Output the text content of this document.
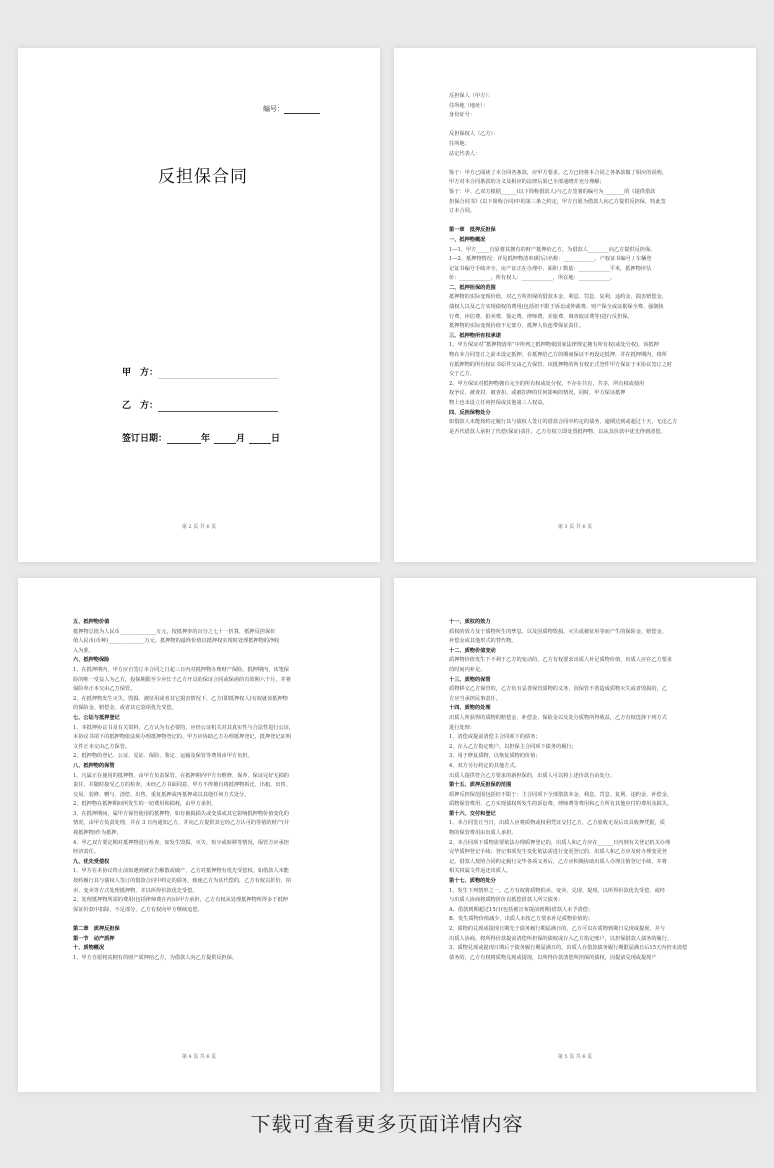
编号：
反担保合同
甲　方：
乙　方：
签订日期：	年	月	日
第 2 页 共 6 页

反担保人（甲方）：

住所地（地址）：

身份证号：

反担保权人（乙方）：

住所地：

法定代表人：

鉴于：甲方已阅读了本合同各条款，应甲方要求，乙方已经将本合同之各条款做了相应的说明，

甲方对本合同条款的含义及相应的法律后果已全部通晓并充分理解；

鉴于：甲、乙双方根据______(以下简称借款人)与乙方签署的编号为________的《提供借款

担保合同书》(以下简称合同)中的第三条之约定，甲方自愿为借款人向乙方提供反担保，特此签

订本合同。

第一章　抵押反担保

一、抵押物概况

1—1、甲方_____自原将其拥有的财产抵押给乙方，为借款人________向乙方提供反担保。

1—2、抵押物情况：详见抵押物清单(附后)名称：____________，产权证书编号 / 车辆登

记证书编号手续齐全，房产证正在办理中，面积 / 数量：____________平米，抵押物评估

价：____________，所有权人：____________，所在地：____________。

二、抵押担保的范围

抵押物的实际变现价值，对乙方所担保的借款本金、利息、罚息、复利、违约金、损害赔偿金，

债权人以及乙方实现债权的费用(包括但不限于诉讼或仲裁费、财产保全或证据保全费、强制执

行费、评估费、拍卖费、鉴定费、律师费、差旅费、调查取证费等)进行反担保。

抵押物的实际变现价值不足部分，抵押人负连带保证责任。

三、抵押物所有权承诺

1、甲方保证对“抵押物清单”中所列之抵押物依国家法律规定拥有所有权(或处分权)，该抵押

物在本合同签订之前未设定抵押，在抵押给乙方的期间保证不再设定抵押，并在抵押期内，将所

有抵押物的所有权证书原件交由乙方保管，该抵押物的所有权正式登件甲方保证于本协议签订之时

交于乙方。

2、甲方保证对抵押物拥有完全的所有权或处分权，不存在共有、共享，所有权或使用

权争议、被查封、被查扣、或被扣押的任何影响的情况，同时，甲方保证抵押

物上也未设立任何担保或其他第三人权益。

四、反担保物处分

如借款人未能按约定履行其与债权人签订的借款合同中约定的债务，逾期达到或超过十天，无论乙方

是否代借款人承担了代偿(保证)责任，乙方有权立即处置抵押物，以从其价款中优先得到清偿。

第 3 页 共 6 页

五、抵押物价值

抵押物总值为人民币______________万元，按抵押率的百分之七十一折算，抵押反担保价

值人民币(币种)______________万元。抵押物的最终价值以抵押权实现时处理抵押物的净收

入为准。

六、抵押物保险

1、在抵押期内，甲方应自签订本合同之日起三日内对抵押物办理财产保险。抵押期内，该笔保

险的唯一受益人为乙方，投保期限至少应长于乙方开具的保证合同或保函的有效期六个月，并将

保险单正本交由乙方保管。

2、在抵押物发生灭失、毁损、被征用或者其它损害情况下，乙方(即抵押权人)有权就该抵押物

的保险金、赔偿金、或者其它款项优先受偿。

七、公证与抵押登记

1、本抵押协议书及有关资料，乙方认为有必要的，应经公证机关对其真实性与合法性进行公证，

本协议书项下的抵押物依法须办理抵押物登记的，甲方应协助乙方办理抵押登记，抵押登记证明

文件正本交由乙方保管。

2、抵押物的登记、公证、见证、保险、鉴定、运输及保管等费用由甲方负担。

八、抵押物的保管

1、凡属正在使用的抵押物，由甲方负责保管。在抵押期内甲方有维修、保养、保证完好无损的

责任，并随时接受乙方的检查，未经乙方书面同意，甲方不得擅自将抵押物拆迁、出租、出售、

交易、装修、赠与、清偿、出售、重复抵押或再抵押或以其他任何方式处分。

2、抵押物在抵押期间所发生的一切费用和损耗，由甲方承担。

3、在抵押期间，属甲方保管使用的抵押物，如有被损损失或变质或其它影响抵押物价值变化的

情况，由甲方负责处理，并在 3 日内通知乙方，并向乙方提供其它经乙方认可的等值的财产(并

视抵押物)作为抵押。

4、甲乙双方要定期对抵押物进行检查，如发生毁损、灭失、短少或转移等情况，保管方应承担

经济责任。

九、优先受偿权

1、甲方在本协议终止前如遇到被宣告解散或破产，乙方对抵押物有优先受偿权。如借款人未能

按约履行其与债权人签订的借款合同中约定的债务，致使乙方为其代偿的，乙方有权以折价、拍

卖、变卖等方式处理抵押物，并以所得价款优先受偿。

2、处理抵押物所需的费用(包括律师费在内)由甲方承担，乙方有权从处理抵押物所得多于抵押

保证价款中扣除，不足部分，乙方有权向甲方继续追偿。

第二章　质押反担保

第一节　动产质押

十、质物概况

1、甲方自愿将其拥有的财产质押给乙方，为借款人向乙方提供反担保。

第 4 页 共 6 页

十一、质权的效力

质权的效力及于质物所生的孳息，以及因质物毁损、灭失或被征用等而产生的保险金、赔偿金、

补偿金或其他形式的替代物。

十二、质物价值变动

质押物价值发生下不利于乙方的变动的，乙方有权要求出质人补足质物价值，出质人应在乙方要求

的时间内补足。

十三、质物的保管

质物移交乙方保管的，乙方负有妥善保管质物的义务，因保管不善造成质物灭失或者毁损的，乙

方应当承担民事责任。

十四、质物的处理

出质人所获得的质物的赔偿金、补偿金、保险金以及处分质物所得收益，乙方有权选择下列方式

进行处理：

1、清偿或提前清偿主合同项下的债务；

2、存入乙方指定账户，以担保主合同项下债务的履行；

3、用于修复质物，以恢复质物的价值；

4、双方另行约定的其他方式。

出质人提供符合乙方要求的新担保的，出质人可以将上述价款自由处分。

第十五、质押反担保的范围

质押反担保范围包括但不限于：主合同项下全部借款本金、利息、罚息、复利、违约金、补偿金、

质物保管费用、乙方实现债权所发生的诉讼费、律师费等费用和乙方所有其他应付的费用及损失。

第十六、交付和登记

1、本合同签订当日，出质人应将质物或权利凭证交付乙方，乙方验收无误后出具收押凭据，质

物的保管费用由出质人承担。

2、本合同项下质物需要依法办理质押登记的，出质人和乙方应在______日内到有关登记机关办理

完毕质押登记手续；登记事项发生变化依法需进行变更登记的，出质人和乙方应及时办理变更登

记。借款人按照合同约定履行完毕各项义务后，乙方应积极协助出质人办理注销登记手续，并将

相关权属文件返还出质人。

第十七、质物的处分

1、发生下列情形之一，乙方有权将质物拍卖、变卖、兑现、提现，以所得价款优先受偿，或经

与出质人协商将质物折价以抵偿借款人所欠债务：

A、借款到期超过15日(包括被宣布提前到期)借款人未予清偿；

B、发生质物价值减少，出质人未按乙方要求补足质物价值的；

2、质物的兑现或提现日期先于债务履行期届满日的，乙方可以在质物到期日兑现或提现，并与

出质人协商，将所得价款提前清偿所担保的债权或存入乙方指定账户，以担保借款人债务的履行。

3、质物兑现或提现日期后于债务履行期届满日的，出质人在借款债务履行期限届满日后15天内仍未清偿

债务的，乙方有权将质物兑现或提现，以所得价款清偿所担保的债权，因提前兑现或提现产

第 5 页 共 6 页
下载可查看更多页面详情内容
